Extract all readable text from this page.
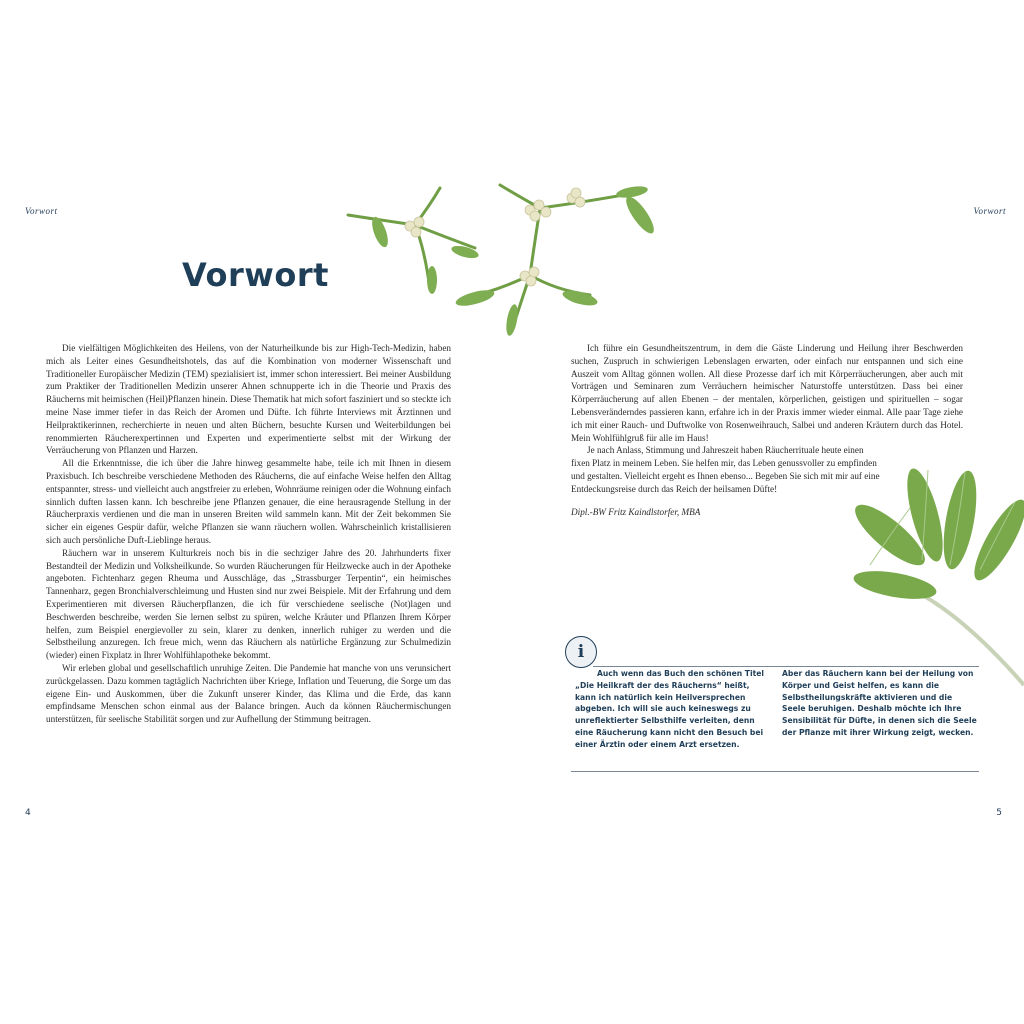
Vorwort
Vorwort

Die vielfältigen Möglichkeiten des Heilens, von der Naturheilkunde bis zur High-Tech-Medizin, haben mich als Leiter eines Gesundheitshotels, das auf die Kombination von moderner Wissenschaft und Traditioneller Europäischer Medizin (TEM) spezialisiert ist, immer schon interessiert. Bei meiner Ausbildung zum Praktiker der Traditionellen Medizin unserer Ahnen schnupperte ich in die Theorie und Praxis des Räucherns mit heimischen (Heil)Pflanzen hinein. Diese Thematik hat mich sofort fasziniert und so steckte ich meine Nase immer tiefer in das Reich der Aromen und Düfte. Ich führte Interviews mit Ärztinnen und Heilpraktikerinnen, recherchierte in neuen und alten Büchern, besuchte Kursen und Weiterbildungen bei renommierten Räucherexpertinnen und Experten und experimentierte selbst mit der Wirkung der Verräucherung von Pflanzen und Harzen.

All die Erkenntnisse, die ich über die Jahre hinweg gesammelte habe, teile ich mit Ihnen in diesem Praxisbuch. Ich beschreibe verschiedene Methoden des Räucherns, die auf einfache Weise helfen den Alltag entspannter, stress- und vielleicht auch angstfreier zu erleben, Wohnräume reinigen oder die Wohnung einfach sinnlich duften lassen kann. Ich beschreibe jene Pflanzen genauer, die eine herausragende Stellung in der Räucherpraxis verdienen und die man in unseren Breiten wild sammeln kann. Mit der Zeit bekommen Sie sicher ein eigenes Gespür dafür, welche Pflanzen sie wann räuchern wollen. Wahrscheinlich kristallisieren sich auch persönliche Duft-Lieblinge heraus.

Räuchern war in unserem Kulturkreis noch bis in die sechziger Jahre des 20. Jahrhunderts fixer Bestandteil der Medizin und Volksheilkunde. So wurden Räucherungen für Heilzwecke auch in der Apotheke angeboten. Fichtenharz gegen Rheuma und Ausschläge, das „Strassburger Terpentin“, ein heimisches Tannenharz, gegen Bronchialverschleimung und Husten sind nur zwei Beispiele. Mit der Erfahrung und dem Experimentieren mit diversen Räucherpflanzen, die ich für verschiedene seelische (Not)lagen und Beschwerden beschreibe, werden Sie lernen selbst zu spüren, welche Kräuter und Pflanzen Ihrem Körper helfen, zum Beispiel energievoller zu sein, klarer zu denken, innerlich ruhiger zu werden und die Selbstheilung anzuregen. Ich freue mich, wenn das Räuchern als natürliche Ergänzung zur Schulmedizin (wieder) einen Fixplatz in Ihrer Wohlfühlapotheke bekommt.

Wir erleben global und gesellschaftlich unruhige Zeiten. Die Pandemie hat manche von uns verunsichert zurückgelassen. Dazu kommen tagtäglich Nachrichten über Kriege, Inflation und Teuerung, die Sorge um das eigene Ein- und Auskommen, über die Zukunft unserer Kinder, das Klima und die Erde, das kann empfindsame Menschen schon einmal aus der Balance bringen. Auch da können Räuchermischungen unterstützen, für seelische Stabilität sorgen und zur Aufhellung der Stimmung beitragen.

4
Vorwort
5

Ich führe ein Gesundheitszentrum, in dem die Gäste Linderung und Heilung ihrer Beschwerden suchen, Zuspruch in schwierigen Lebenslagen erwarten, oder einfach nur entspannen und sich eine Auszeit vom Alltag gönnen wollen. All diese Prozesse darf ich mit Körperräucherungen, aber auch mit Vorträgen und Seminaren zum Verräuchern heimischer Naturstoffe unterstützen. Dass bei einer Körperräucherung auf allen Ebenen – der mentalen, körperlichen, geistigen und spirituellen – sogar Lebensveränderndes passieren kann, erfahre ich in der Praxis immer wieder einmal. Alle paar Tage ziehe ich mit einer Rauch- und Duftwolke von Rosenweihrauch, Salbei und anderen Kräutern durch das Hotel. Mein Wohlfühlgruß für alle im Haus!

Je nach Anlass, Stimmung und Jahreszeit haben Räucherrituale heute einen fixen Platz in meinem Leben. Sie helfen mir, das Leben genussvoller zu empfinden und gestalten. Vielleicht ergeht es Ihnen ebenso... Begeben Sie sich mit mir auf eine Entdeckungsreise durch das Reich der heilsamen Düfte!

Dipl.-BW Fritz Kaindlstorfer, MBA

i
Auch wenn das Buch den schönen Titel „Die Heilkraft der des Räucherns“ heißt, kann ich natürlich kein Heilversprechen abgeben. Ich will sie auch keineswegs zu unreflektierter Selbsthilfe verleiten, denn eine Räucherung kann nicht den Besuch bei einer Ärztin oder einem Arzt ersetzen.
Aber das Räuchern kann bei der Heilung von Körper und Geist helfen, es kann die Selbstheilungskräfte aktivieren und die Seele beruhigen. Deshalb möchte ich Ihre Sensibilität für Düfte, in denen sich die Seele der Pflanze mit ihrer Wirkung zeigt, wecken.
